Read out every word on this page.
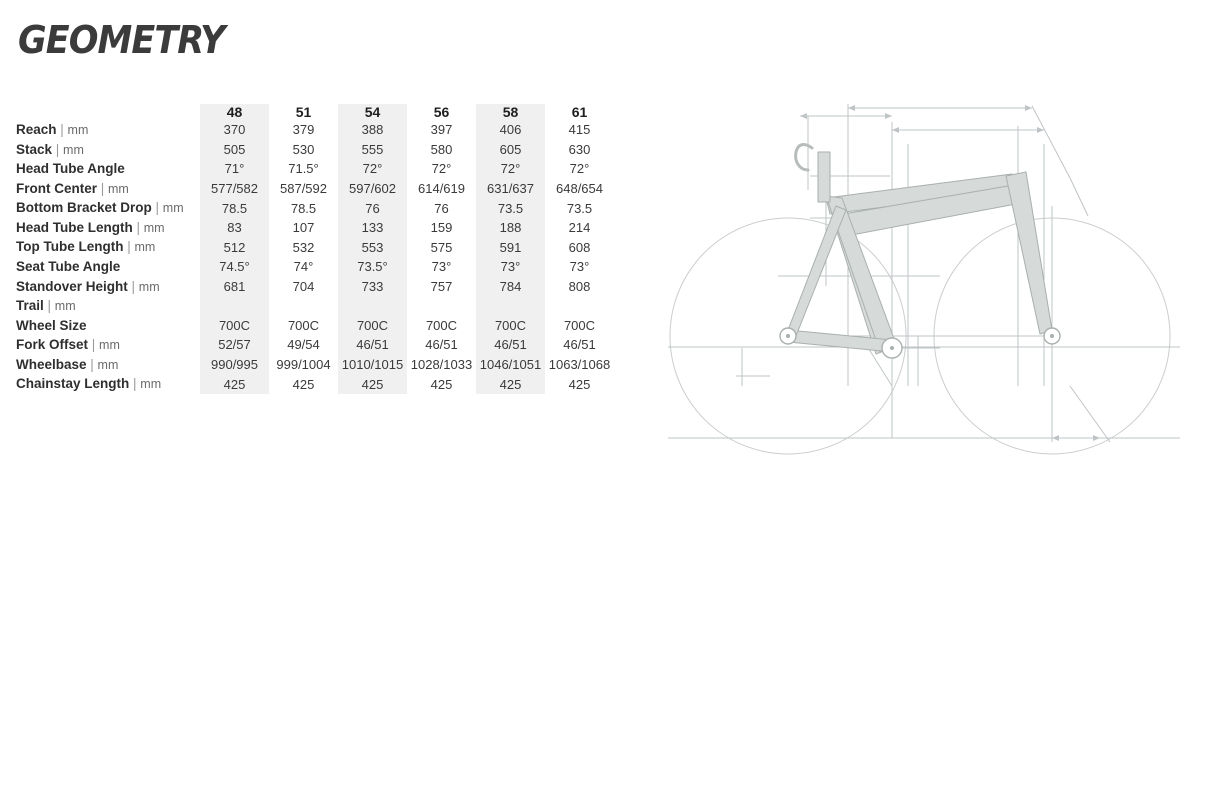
GEOMETRY
	48	51	54	56	58	61
Reach | mm	370	379	388	397	406	415
Stack | mm	505	530	555	580	605	630
Head Tube Angle	71°	71.5°	72°	72°	72°	72°
Front Center | mm	577/582	587/592	597/602	614/619	631/637	648/654
Bottom Bracket Drop | mm	78.5	78.5	76	76	73.5	73.5
Head Tube Length | mm	83	107	133	159	188	214
Top Tube Length | mm	512	532	553	575	591	608
Seat Tube Angle	74.5°	74°	73.5°	73°	73°	73°
Standover Height | mm	681	704	733	757	784	808
Trail | mm						
Wheel Size	700C	700C	700C	700C	700C	700C
Fork Offset | mm	52/57	49/54	46/51	46/51	46/51	46/51
Wheelbase | mm	990/995	999/1004	1010/1015	1028/1033	1046/1051	1063/1068
Chainstay Length | mm	425	425	425	425	425	425
